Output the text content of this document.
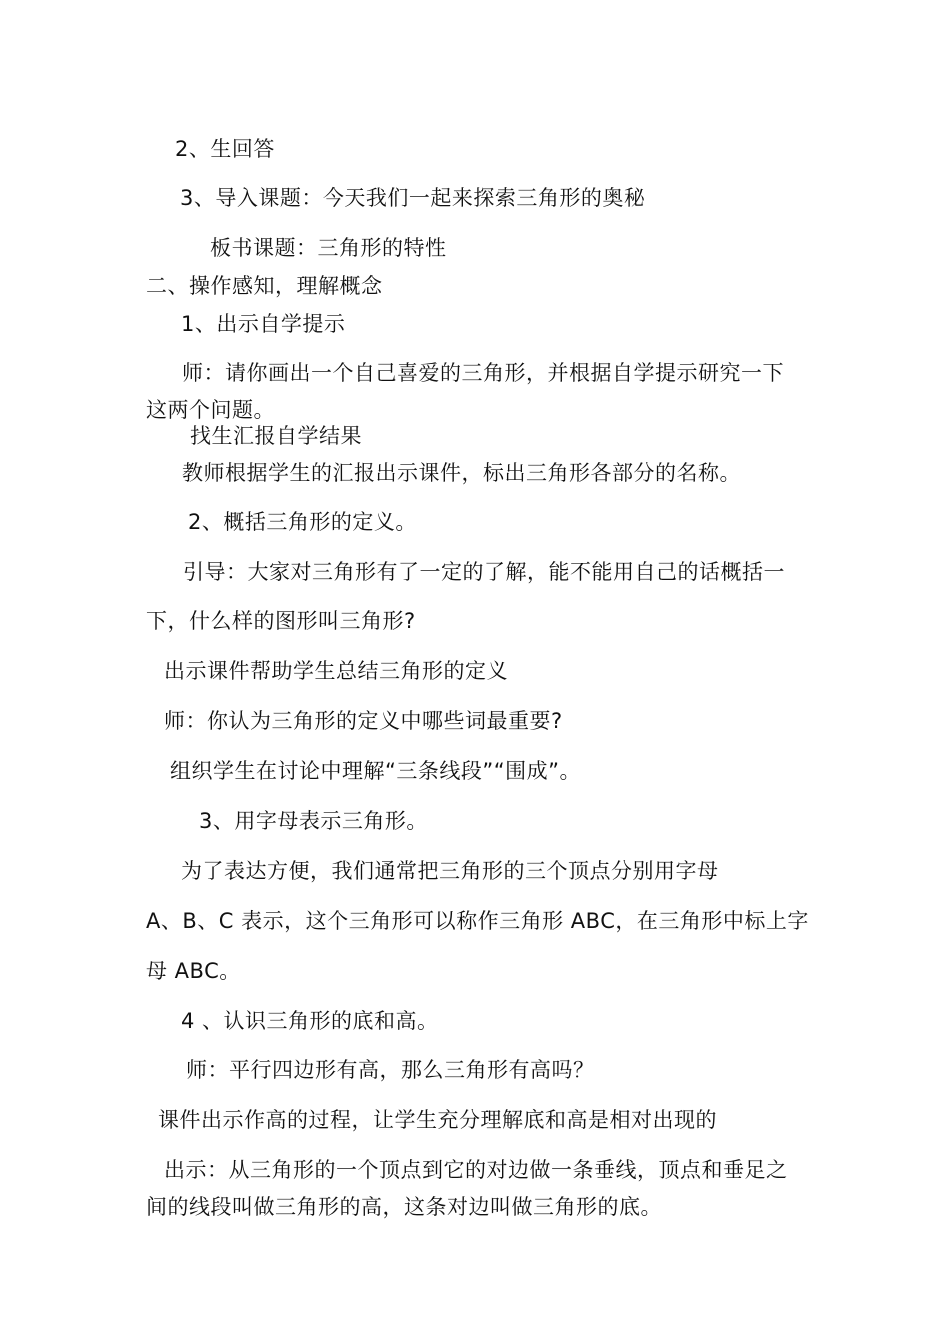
2、生回答
3、导入课题：今天我们一起来探索三角形的奥秘
板书课题：三角形的特性
二、操作感知，理解概念
1、出示自学提示
师：请你画出一个自己喜爱的三角形，并根据自学提示研究一下
这两个问题。
找生汇报自学结果
教师根据学生的汇报出示课件，标出三角形各部分的名称。
2、概括三角形的定义。
引导：大家对三角形有了一定的了解，能不能用自己的话概括一
下，什么样的图形叫三角形?
出示课件帮助学生总结三角形的定义
师：你认为三角形的定义中哪些词最重要?
组织学生在讨论中理解“三条线段”“围成”。
3、用字母表示三角形。
为了表达方便，我们通常把三角形的三个顶点分别用字母
A、B、C 表示，这个三角形可以称作三角形 ABC，在三角形中标上字
母 ABC。
4 、认识三角形的底和高。
师：平行四边形有高，那么三角形有高吗？
课件出示作高的过程，让学生充分理解底和高是相对出现的
出示：从三角形的一个顶点到它的对边做一条垂线，顶点和垂足之
间的线段叫做三角形的高，这条对边叫做三角形的底。
